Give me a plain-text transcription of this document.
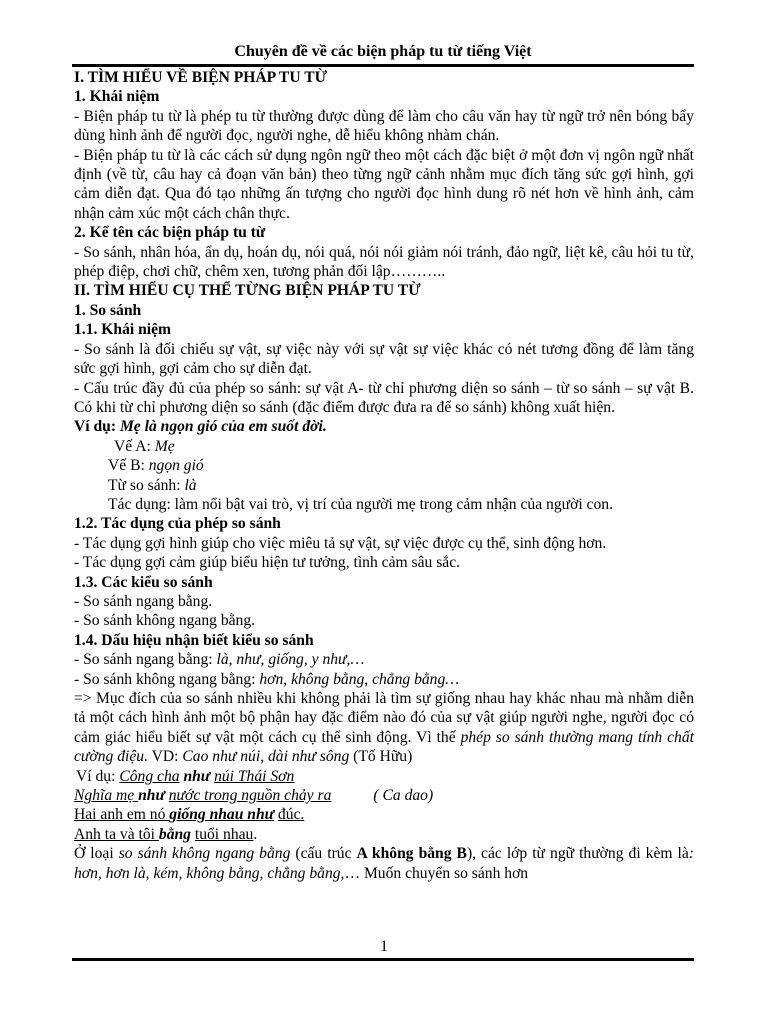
Chuyên đề về các biện pháp tu từ tiếng Việt

I. TÌM HIỂU VỀ BIỆN PHÁP TU TỪ

1. Khái niệm

- Biện pháp tu từ là phép tu từ thường được dùng để làm cho câu văn hay từ ngữ trở nên bóng bẩy dùng hình ảnh để người đọc, người nghe, dễ hiểu không nhàm chán.

- Biện pháp tu từ là các cách sử dụng ngôn ngữ theo một cách đặc biệt ở một đơn vị ngôn ngữ nhất định (về từ, câu hay cả đoạn văn bản) theo từng ngữ cảnh nhằm mục đích tăng sức gợi hình, gợi cảm diễn đạt. Qua đó tạo những ấn tượng cho người đọc hình dung rõ nét hơn về hình ảnh, cảm nhận cảm xúc một cách chân thực.

2. Kể tên các biện pháp tu từ

- So sánh, nhân hóa, ẩn dụ, hoán dụ, nói quá, nói nói giảm nói tránh, đảo ngữ, liệt kê, câu hỏi tu từ, phép điệp, chơi chữ, chêm xen, tương phản đối lập………..

II. TÌM HIỂU CỤ THỂ TỪNG BIỆN PHÁP TU TỪ

1. So sánh

1.1. Khái niệm

- So sánh là đối chiếu sự vật, sự việc này với sự vật sự việc khác có nét tương đồng để làm tăng sức gợi hình, gợi cảm cho sự diễn đạt.

- Cấu trúc đầy đủ của phép so sánh: sự vật A- từ chỉ phương diện so sánh – từ so sánh – sự vật B. Có khi từ chỉ phương diện so sánh (đặc điểm được đưa ra để so sánh) không xuất hiện.

Ví dụ: Mẹ là ngọn gió của em suốt đời.

Vế A: Mẹ

Vế B: ngọn gió

Từ so sánh: là

Tác dụng: làm nổi bật vai trò, vị trí của người mẹ trong cảm nhận của người con.

1.2. Tác dụng của phép so sánh

- Tác dụng gợi hình giúp cho việc miêu tả sự vật, sự việc được cụ thể, sinh động hơn.

- Tác dụng gợi cảm giúp biểu hiện tư tưởng, tình cảm sâu sắc.

1.3. Các kiểu so sánh

- So sánh ngang bằng.

- So sánh không ngang bằng.

1.4. Dấu hiệu nhận biết kiểu so sánh

- So sánh ngang bằng: là, như, giống, y như,…

- So sánh không ngang bằng: hơn, không bằng, chẳng bằng…

=> Mục đích của so sánh nhiều khi không phải là tìm sự giống nhau hay khác nhau mà nhằm diễn tả một cách hình ảnh một bộ phận hay đặc điểm nào đó của sự vật giúp người nghe, người đọc có cảm giác hiểu biết sự vật một cách cụ thể sinh động. Vì thế phép so sánh thường mang tính chất cường điệu. VD: Cao như núi, dài như sông (Tố Hữu)

Ví dụ: Công cha như núi Thái Sơn

Nghĩa mẹ như nước trong nguồn chảy ra	( Ca dao)

Hai anh em nó giống nhau như đúc.

Anh ta và tôi bằng tuổi nhau.

Ở loại so sánh không ngang bằng (cấu trúc A không bằng B), các lớp từ ngữ thường đi kèm là: hơn, hơn là, kém, không bằng, chẳng bằng,… Muốn chuyển so sánh hơn

1
